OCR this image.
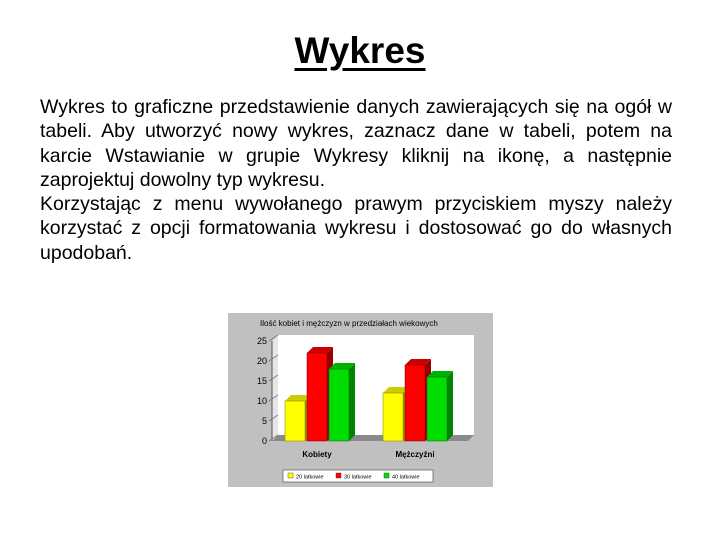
Wykres

Wykres to graficzne przedstawienie danych zawierających się na ogół w tabeli. Aby utworzyć nowy wykres, zaznacz dane w tabeli, potem na karcie Wstawianie w grupie Wykresy kliknij na ikonę, a następnie zaprojektuj dowolny typ wykresu.

Korzystając z menu wywołanego prawym przyciskiem myszy należy korzystać z opcji formatowania wykresu i dostosować go do własnych upodobań.

Ilość kobiet i mężczyzn w przedziałach wiekowych
0
5
10
15
20
25
Kobiety	Mężczyźni
20 latkowie	30 latkowie	40 latkowie
